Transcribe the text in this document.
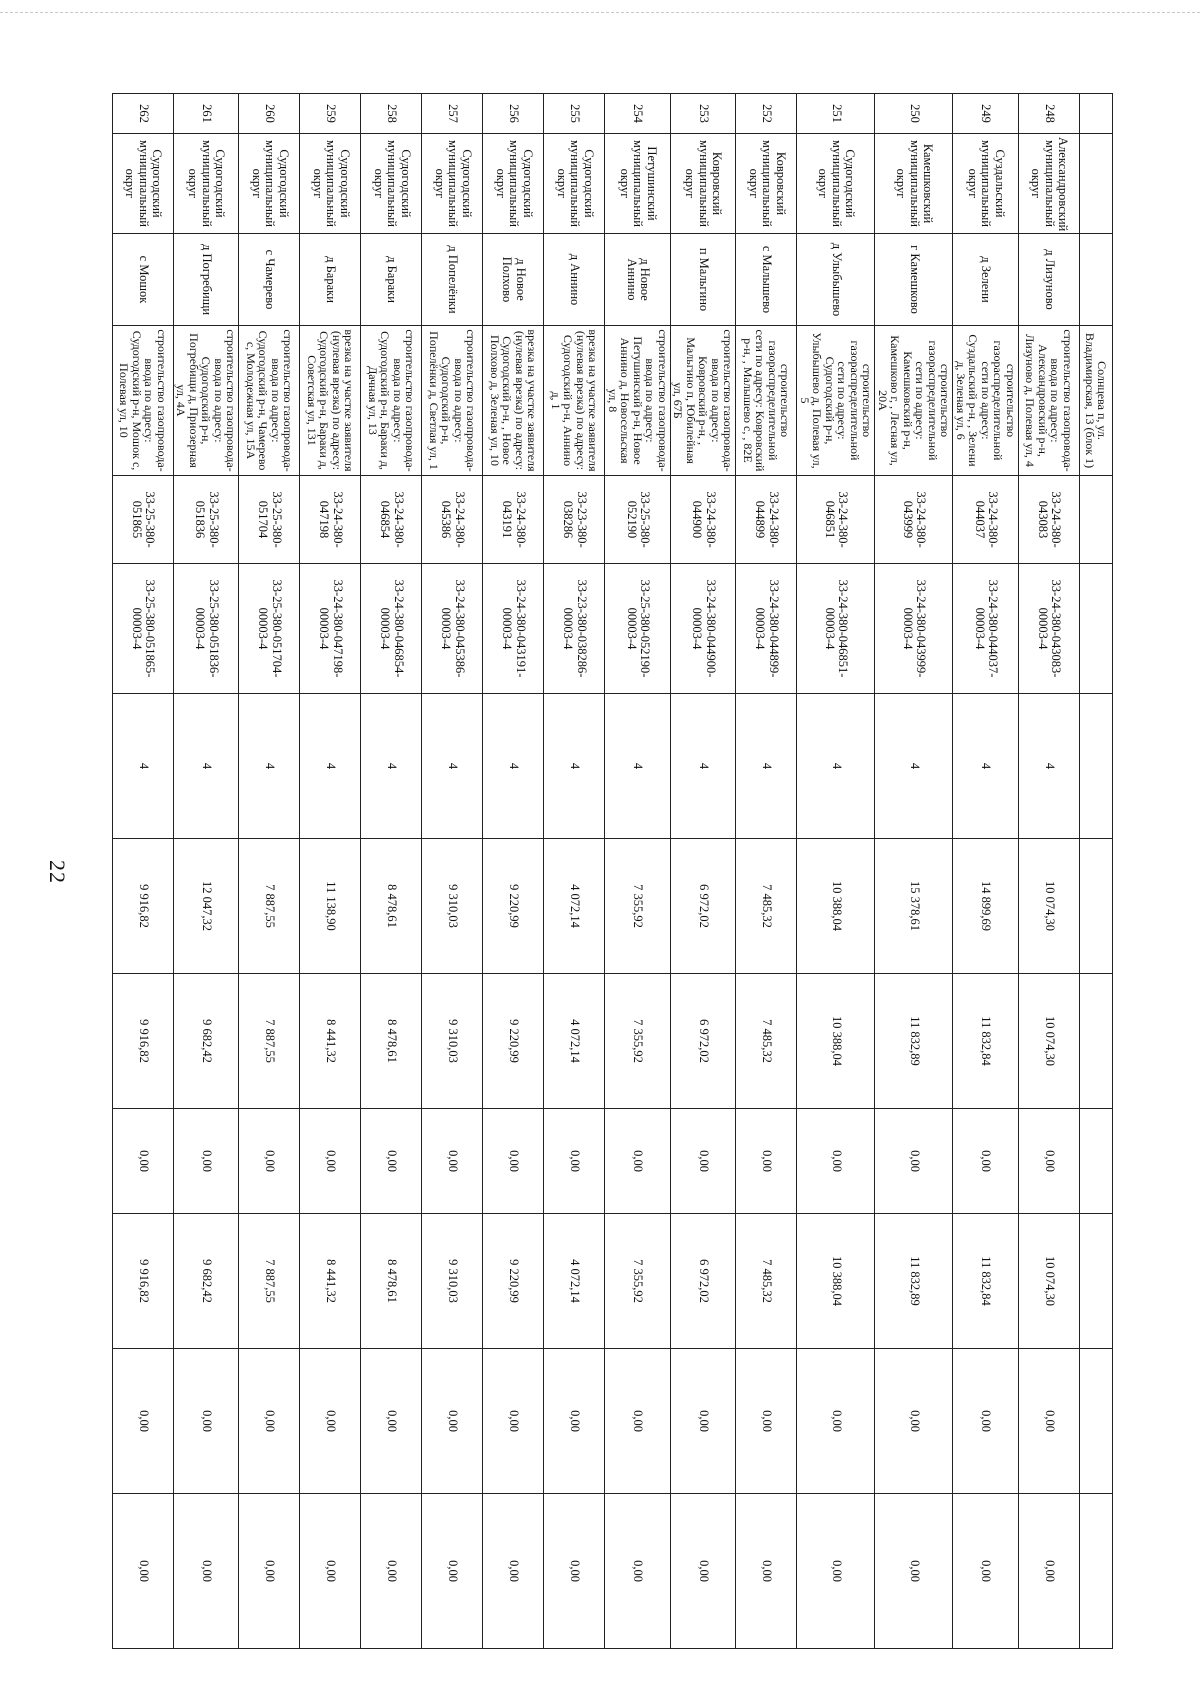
22
			Солнцева п, ул. Владимирская, 13 (блок 1)									
248	Александровский муниципальный округ	д Лизуново	строительство газопровода-ввода по адресу: Александровский р-н, Лизуново д, Полевая ул, 4	33-24-380-043083	33-24-380-043083-00003-4	4	10 074,30	10 074,30	0,00	10 074,30	0,00	0,00
249	Суздальский муниципальный округ	д Зелени	строительство газораспределительной сети по адресу: Суздальский р-н, , Зелени д, Зеленая ул, 6	33-24-380-044037	33-24-380-044037-00003-4	4	14 899,69	11 832,84	0,00	11 832,84	0,00	0,00
250	Камешковский муниципальный округ	г Камешково	строительство газораспределительной сети по адресу: Камешковский р-н, Камешково г, , Лесная ул, 20А	33-24-380-043999	33-24-380-043999-00003-4	4	15 378,61	11 832,89	0,00	11 832,89	0,00	0,00
251	Судогодский муниципальный округ	д Улыбышево	строительство газораспределительной сети по адресу: Судогодский р-н, Улыбышево д, Полевая ул, 5	33-24-380-046851	33-24-380-046851-00003-4	4	10 388,04	10 388,04	0,00	10 388,04	0,00	0,00
252	Ковровский муниципальный округ	с Малышево	строительство газораспределительной сети по адресу: Ковровский р-н, , Малышево с, , 82Е	33-24-380-044899	33-24-380-044899-00003-4	4	7 485,32	7 485,32	0,00	7 485,32	0,00	0,00
253	Ковровский муниципальный округ	п Мальгино	строительство газопровода-ввода по адресу: Ковровский р-н, , Мальгино п, Юбилейная ул, 67Б	33-24-380-044900	33-24-380-044900-00003-4	4	6 972,02	6 972,02	0,00	6 972,02	0,00	0,00
254	Петушинский муниципальный округ	д Новое Аннино	строительство газопровода-ввода по адресу: Петушинский р-н, Новое Аннино д, Новосельская ул, 8	33-25-380-052190	33-25-380-052190-00003-4	4	7 355,92	7 355,92	0,00	7 355,92	0,00	0,00
255	Судогодский муниципальный округ	д Аннино	врезка на участке заявителя (нулевая врезка) по адресу: Судогодский р-н, Аннино д, 1	33-23-380-038286	33-23-380-038286-00003-4	4	4 072,14	4 072,14	0,00	4 072,14	0,00	0,00
256	Судогодский муниципальный округ	д Новое Полхово	врезка на участке заявителя (нулевая врезка) по адресу: Судогодский р-н, , Новое Полхово д, Зеленая ул, 10	33-24-380-043191	33-24-380-043191-00003-4	4	9 220,99	9 220,99	0,00	9 220,99	0,00	0,00
257	Судогодский муниципальный округ	д Попелёнки	строительство газопровода-ввода по адресу: Судогодский р-н, Попелёнки д, Светлая ул, 1	33-24-380-045386	33-24-380-045386-00003-4	4	9 310,03	9 310,03	0,00	9 310,03	0,00	0,00
258	Судогодский муниципальный округ	д Бараки	строительство газопровода-ввода по адресу: Судогодский р-н, Бараки д, Дачная ул, 13	33-24-380-046854	33-24-380-046854-00003-4	4	8 478,61	8 478,61	0,00	8 478,61	0,00	0,00
259	Судогодский муниципальный округ	д Бараки	врезка на участке заявителя (нулевая врезка) по адресу: Судогодский р-н, Бараки д, Советская ул, 131	33-24-380-047198	33-24-380-047198-00003-4	4	11 138,90	8 441,32	0,00	8 441,32	0,00	0,00
260	Судогодский муниципальный округ	с Чамерево	строительство газопровода-ввода по адресу: Судогодский р-н, Чамерево с, Молодежная ул, 15А	33-25-380-051704	33-25-380-051704-00003-4	4	7 887,55	7 887,55	0,00	7 887,55	0,00	0,00
261	Судогодский муниципальный округ	д Погребищи	строительство газопровода-ввода по адресу: Судогодский р-н, Погребищи д, Приозерная ул, 4А	33-25-380-051836	33-25-380-051836-00003-4	4	12 047,32	9 682,42	0,00	9 682,42	0,00	0,00
262	Судогодский муниципальный округ	с Мошок	строительство газопровода-ввода по адресу: Судогодский р-н, Мошок с, Полевая ул, 10	33-25-380-051865	33-25-380-051865-00003-4	4	9 916,82	9 916,82	0,00	9 916,82	0,00	0,00
